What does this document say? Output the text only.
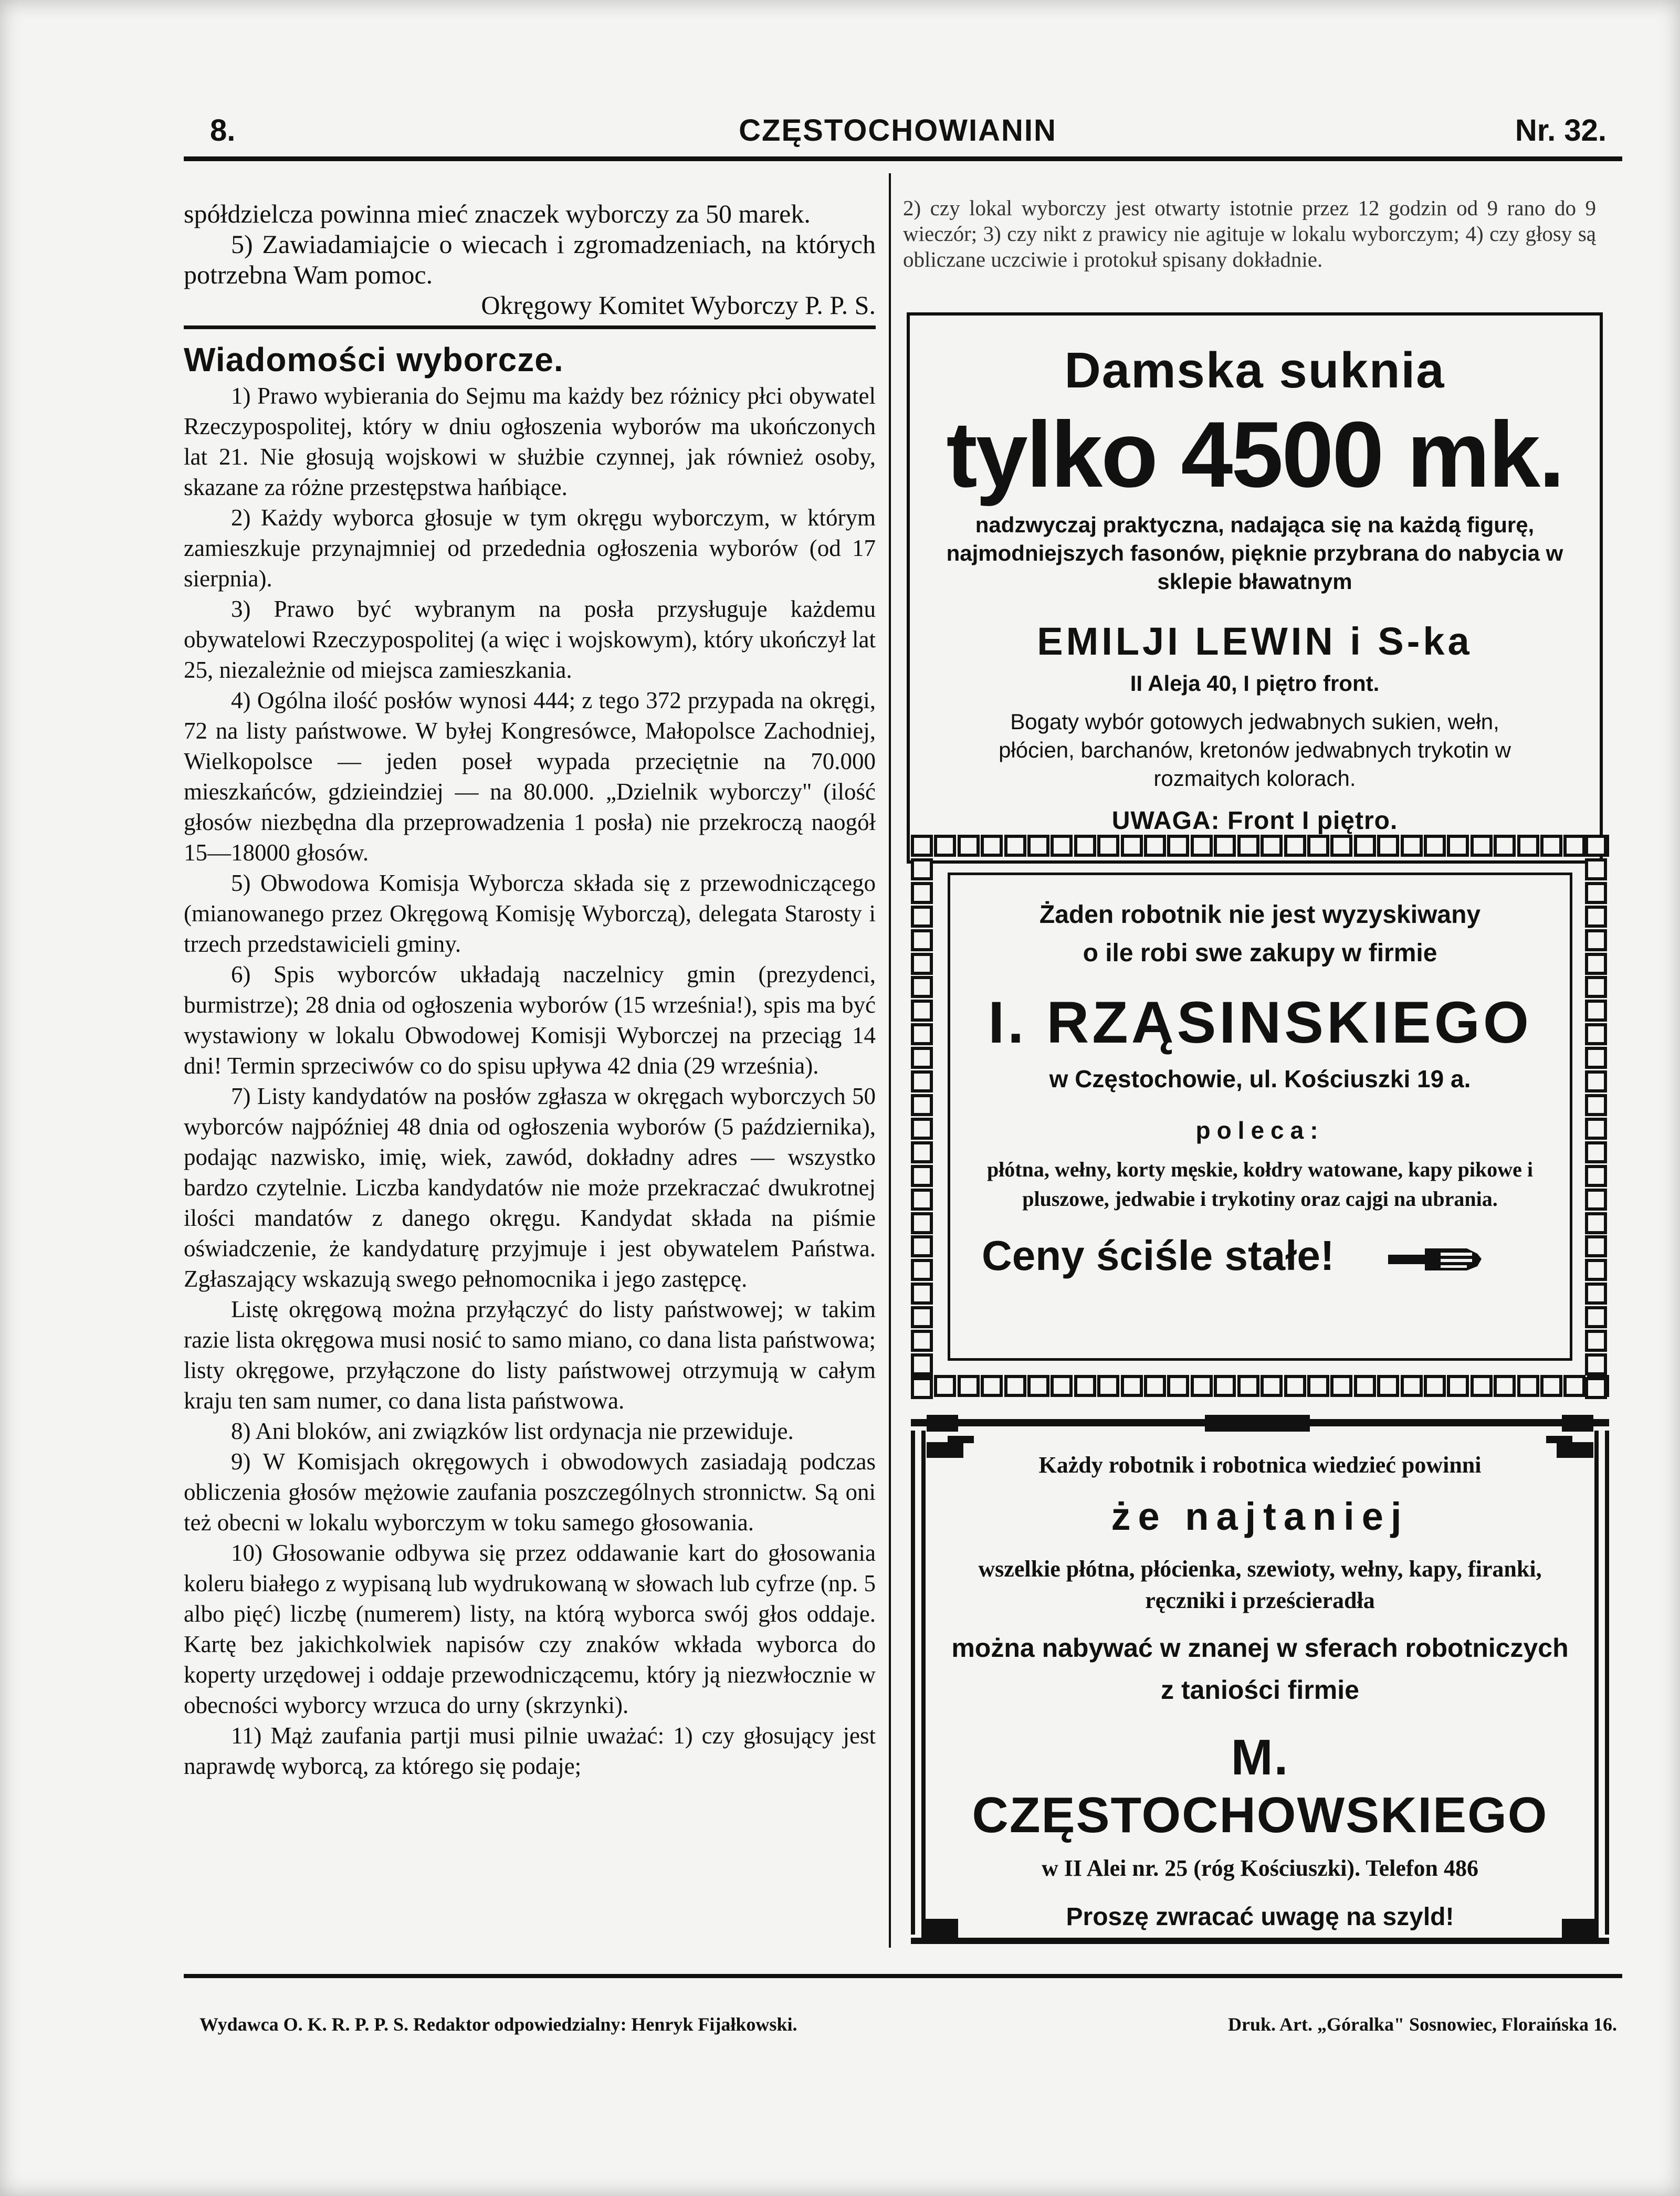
8.	CZĘSTOCHOWIANIN	Nr. 32.

spółdzielcza powinna mieć znaczek wyborczy za 50 marek.

5) Zawiadamiajcie o wiecach i zgromadzeniach, na których potrzebna Wam pomoc.

Okręgowy Komitet Wyborczy P. P. S.

Wiadomości wyborcze.

1) Prawo wybierania do Sejmu ma każdy bez różnicy płci obywatel Rzeczypospolitej, który w dniu ogłoszenia wyborów ma ukończonych lat 21. Nie głosują wojskowi w służbie czynnej, jak również osoby, skazane za różne przestępstwa hańbiące.

2) Każdy wyborca głosuje w tym okręgu wyborczym, w którym zamieszkuje przynajmniej od przedednia ogłoszenia wyborów (od 17 sierpnia).

3) Prawo być wybranym na posła przysługuje każdemu obywatelowi Rzeczypospolitej (a więc i wojskowym), który ukończył lat 25, niezależnie od miejsca zamieszkania.

4) Ogólna ilość posłów wynosi 444; z tego 372 przypada na okręgi, 72 na listy państwowe. W byłej Kongresówce, Małopolsce Zachodniej, Wielkopolsce — jeden poseł wypada przeciętnie na 70.000 mieszkańców, gdzieindziej — na 80.000. „Dzielnik wyborczy" (ilość głosów niezbędna dla przeprowadzenia 1 posła) nie przekroczą naogół 15—18000 głosów.

5) Obwodowa Komisja Wyborcza składa się z przewodniczącego (mianowanego przez Okręgową Komisję Wyborczą), delegata Starosty i trzech przedstawicieli gminy.

6) Spis wyborców układają naczelnicy gmin (prezydenci, burmistrze); 28 dnia od ogłoszenia wyborów (15 września!), spis ma być wystawiony w lokalu Obwodowej Komisji Wyborczej na przeciąg 14 dni! Termin sprzeciwów co do spisu upływa 42 dnia (29 września).

7) Listy kandydatów na posłów zgłasza w okręgach wyborczych 50 wyborców najpóźniej 48 dnia od ogłoszenia wyborów (5 października), podając nazwisko, imię, wiek, zawód, dokładny adres — wszystko bardzo czytelnie. Liczba kandydatów nie może przekraczać dwukrotnej ilości mandatów z danego okręgu. Kandydat składa na piśmie oświadczenie, że kandydaturę przyjmuje i jest obywatelem Państwa. Zgłaszający wskazują swego pełnomocnika i jego zastępcę.

Listę okręgową można przyłączyć do listy państwowej; w takim razie lista okręgowa musi nosić to samo miano, co dana lista państwowa; listy okręgowe, przyłączone do listy państwowej otrzymują w całym kraju ten sam numer, co dana lista państwowa.

8) Ani bloków, ani związków list ordynacja nie przewiduje.

9) W Komisjach okręgowych i obwodowych zasiadają podczas obliczenia głosów mężowie zaufania poszczególnych stronnictw. Są oni też obecni w lokalu wyborczym w toku samego głosowania.

10) Głosowanie odbywa się przez oddawanie kart do głosowania koleru białego z wypisaną lub wydrukowaną w słowach lub cyfrze (np. 5 albo pięć) liczbę (numerem) listy, na którą wyborca swój głos oddaje. Kartę bez jakichkolwiek napisów czy znaków wkłada wyborca do koperty urzędowej i oddaje przewodniczącemu, który ją niezwłocznie w obecności wyborcy wrzuca do urny (skrzynki).

11) Mąż zaufania partji musi pilnie uważać: 1) czy głosujący jest naprawdę wyborcą, za którego się podaje;

2) czy lokal wyborczy jest otwarty istotnie przez 12 godzin od 9 rano do 9 wieczór; 3) czy nikt z prawicy nie agituje w lokalu wyborczym; 4) czy głosy są obliczane uczciwie i protokuł spisany dokładnie.

Damska suknia
tylko 4500 mk.
nadzwyczaj praktyczna, nadająca się na każdą figurę, najmodniejszych fasonów, pięknie przybrana do nabycia w sklepie bławatnym
EMILJI LEWIN i S-ka
II Aleja 40, I piętro front.
Bogaty wybór gotowych jedwabnych sukien, wełn, płócien, barchanów, kretonów jedwabnych trykotin w rozmaitych kolorach.
UWAGA: Front I piętro.
Żaden robotnik nie jest wyzyskiwany
o ile robi swe zakupy w firmie
I. RZĄSINSKIEGO
w Częstochowie, ul. Kościuszki 19 a.
poleca:
płótna, wełny, korty męskie, kołdry watowane, kapy pikowe i pluszowe, jedwabie i trykotiny oraz cajgi na ubrania.
Ceny ściśle stałe!
Każdy robotnik i robotnica wiedzieć powinni
że najtaniej
wszelkie płótna, płócienka, szewioty, wełny, kapy, firanki, ręczniki i prześcieradła
można nabywać w znanej w sferach robotniczych z taniości firmie
M. CZĘSTOCHOWSKIEGO
w II Alei nr. 25 (róg Kościuszki). Telefon 486
Proszę zwracać uwagę na szyld!
Wydawca O. K. R. P. P. S. Redaktor odpowiedzialny: Henryk Fijałkowski.	Druk. Art. „Góralka" Sosnowiec, Floraińska 16.
